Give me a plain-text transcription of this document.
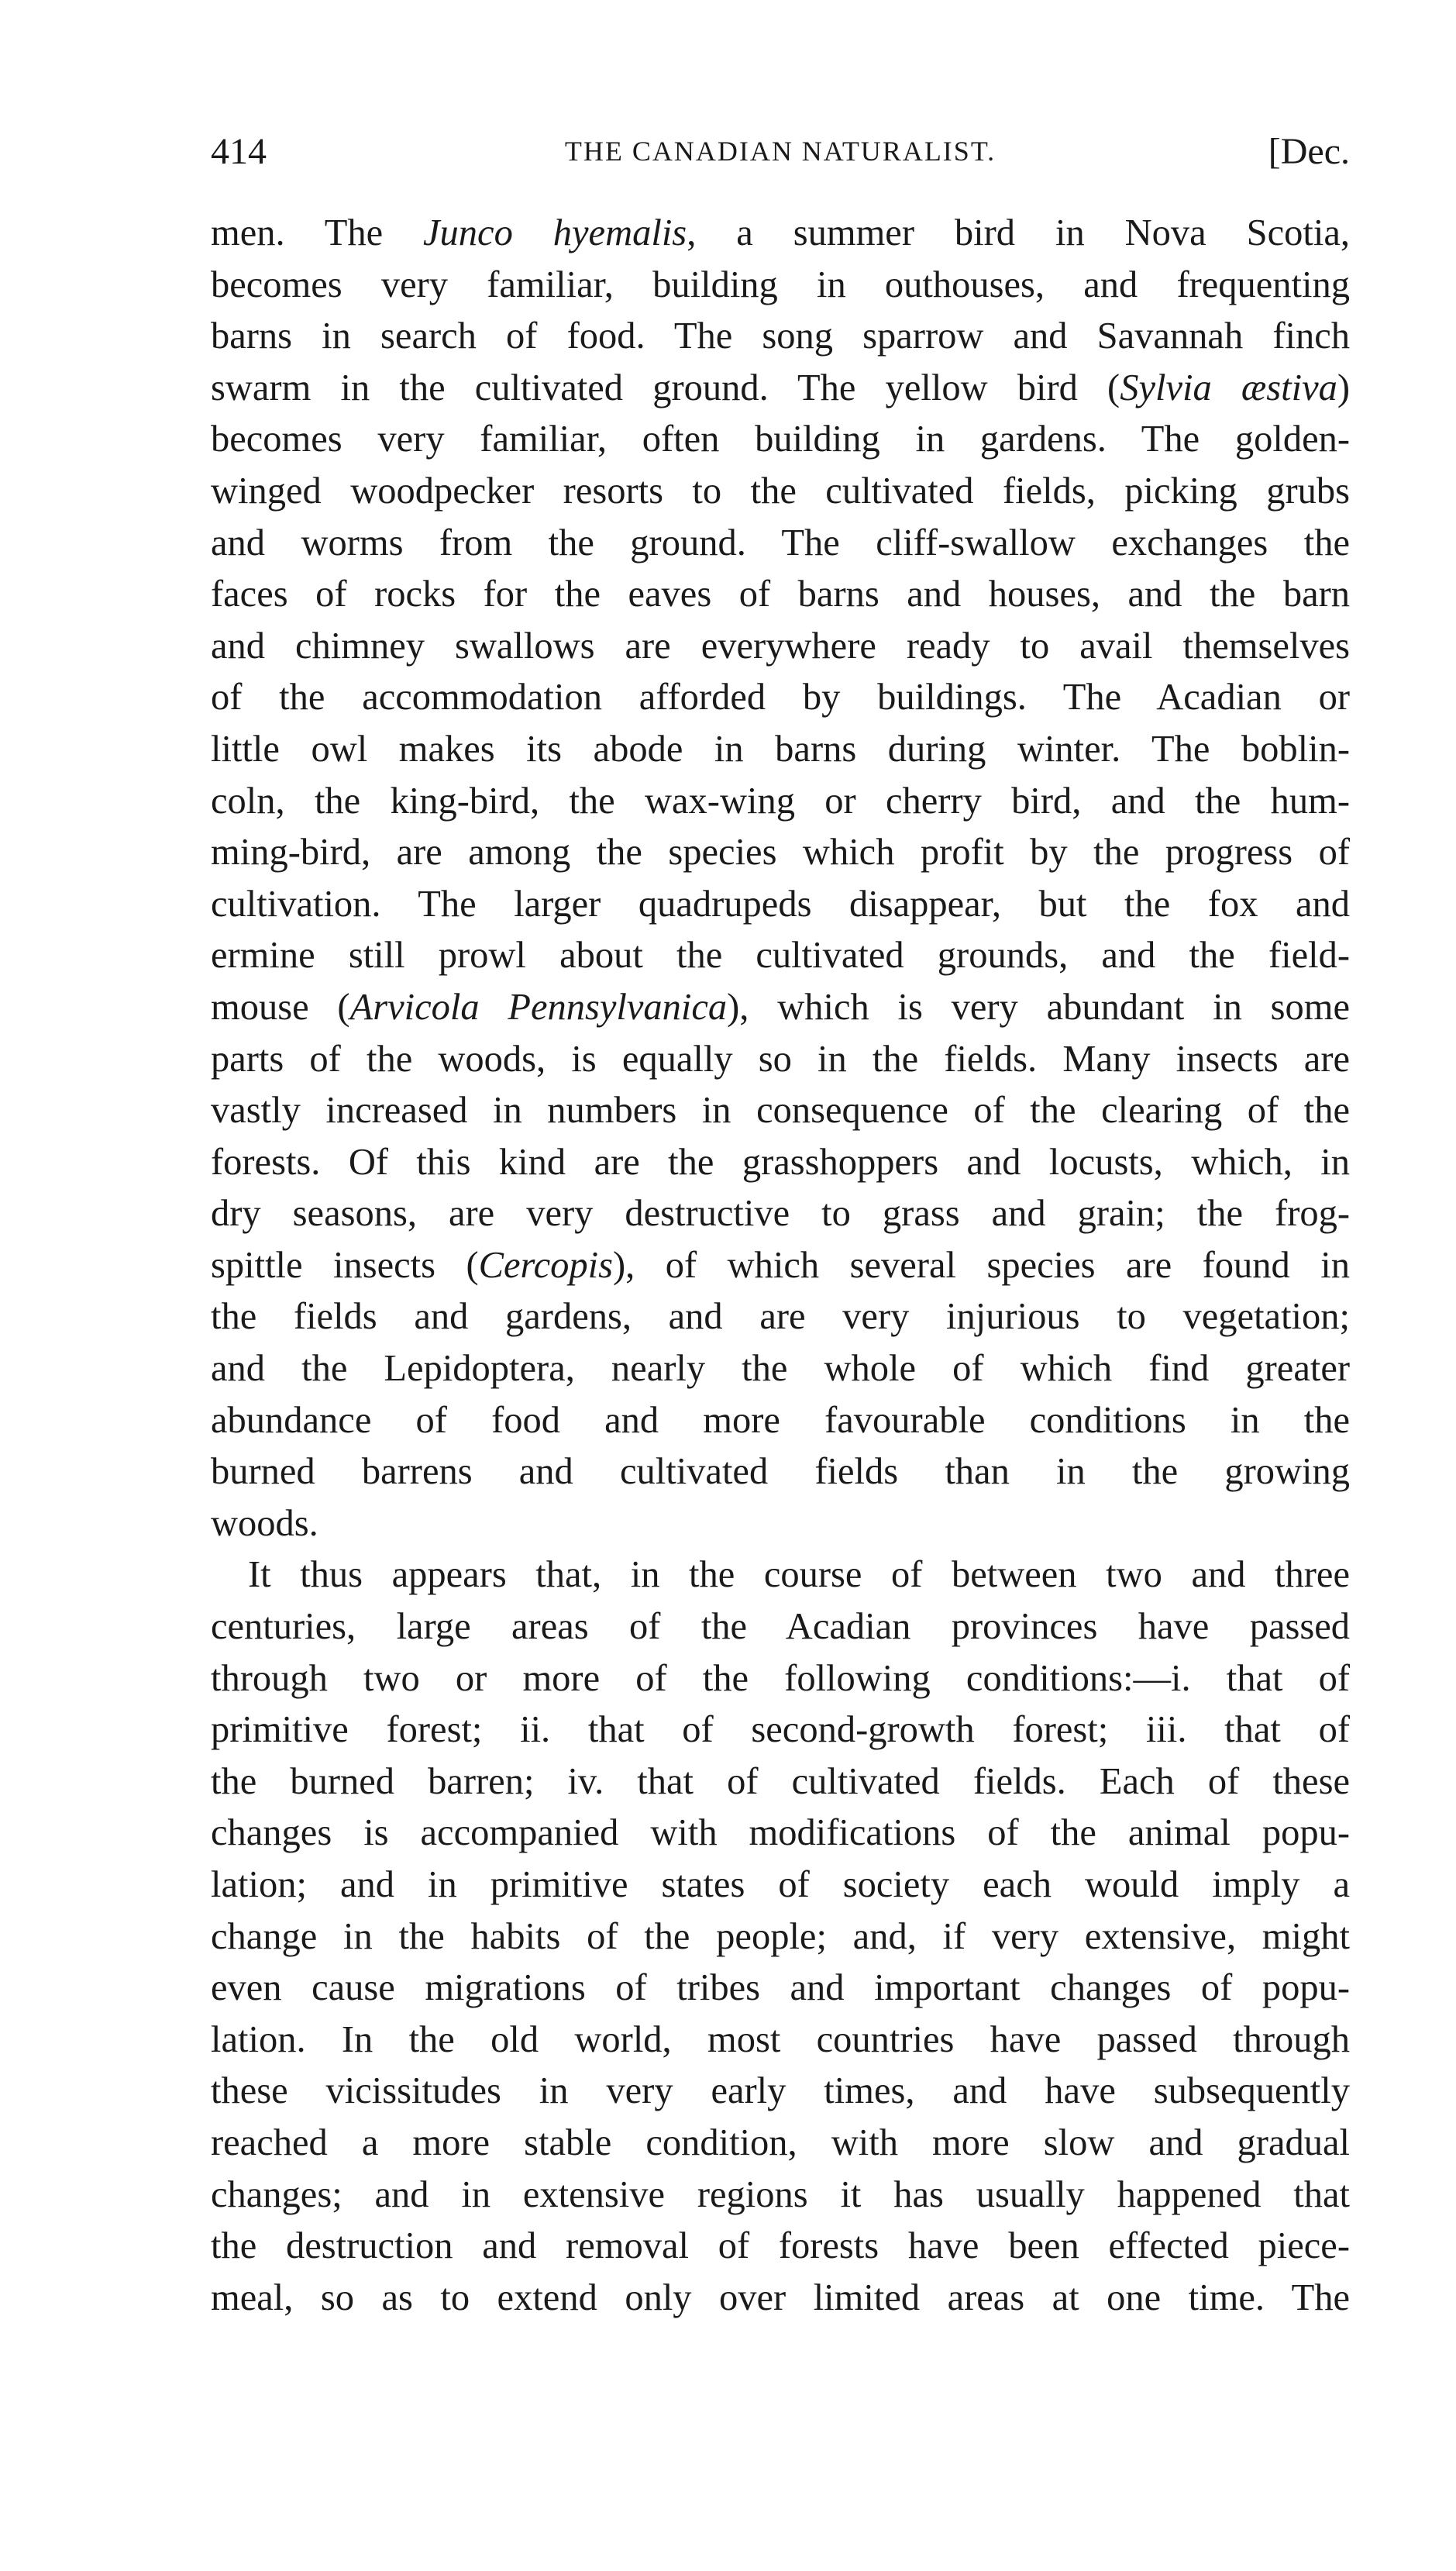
414	THE CANADIAN NATURALIST.	[Dec.
men. The Junco hyemalis, a summer bird in Nova Scotia,
becomes very familiar, building in outhouses, and frequenting
barns in search of food. The song sparrow and Savannah finch
swarm in the cultivated ground. The yellow bird (Sylvia æstiva)
becomes very familiar, often building in gardens. The golden-
winged woodpecker resorts to the cultivated fields, picking grubs
and worms from the ground. The cliff-swallow exchanges the
faces of rocks for the eaves of barns and houses, and the barn
and chimney swallows are everywhere ready to avail themselves
of the accommodation afforded by buildings. The Acadian or
little owl makes its abode in barns during winter. The boblin-
coln, the king-bird, the wax-wing or cherry bird, and the hum-
ming-bird, are among the species which profit by the progress of
cultivation. The larger quadrupeds disappear, but the fox and
ermine still prowl about the cultivated grounds, and the field-
mouse (Arvicola Pennsylvanica), which is very abundant in some
parts of the woods, is equally so in the fields. Many insects are
vastly increased in numbers in consequence of the clearing of the
forests. Of this kind are the grasshoppers and locusts, which, in
dry seasons, are very destructive to grass and grain; the frog-
spittle insects (Cercopis), of which several species are found in
the fields and gardens, and are very injurious to vegetation;
and the Lepidoptera, nearly the whole of which find greater
abundance of food and more favourable conditions in the
burned barrens and cultivated fields than in the growing
woods.
It thus appears that, in the course of between two and three
centuries, large areas of the Acadian provinces have passed
through two or more of the following conditions:—i. that of
primitive forest; ii. that of second-growth forest; iii. that of
the burned barren; iv. that of cultivated fields. Each of these
changes is accompanied with modifications of the animal popu-
lation; and in primitive states of society each would imply a
change in the habits of the people; and, if very extensive, might
even cause migrations of tribes and important changes of popu-
lation. In the old world, most countries have passed through
these vicissitudes in very early times, and have subsequently
reached a more stable condition, with more slow and gradual
changes; and in extensive regions it has usually happened that
the destruction and removal of forests have been effected piece-
meal, so as to extend only over limited areas at one time. The
